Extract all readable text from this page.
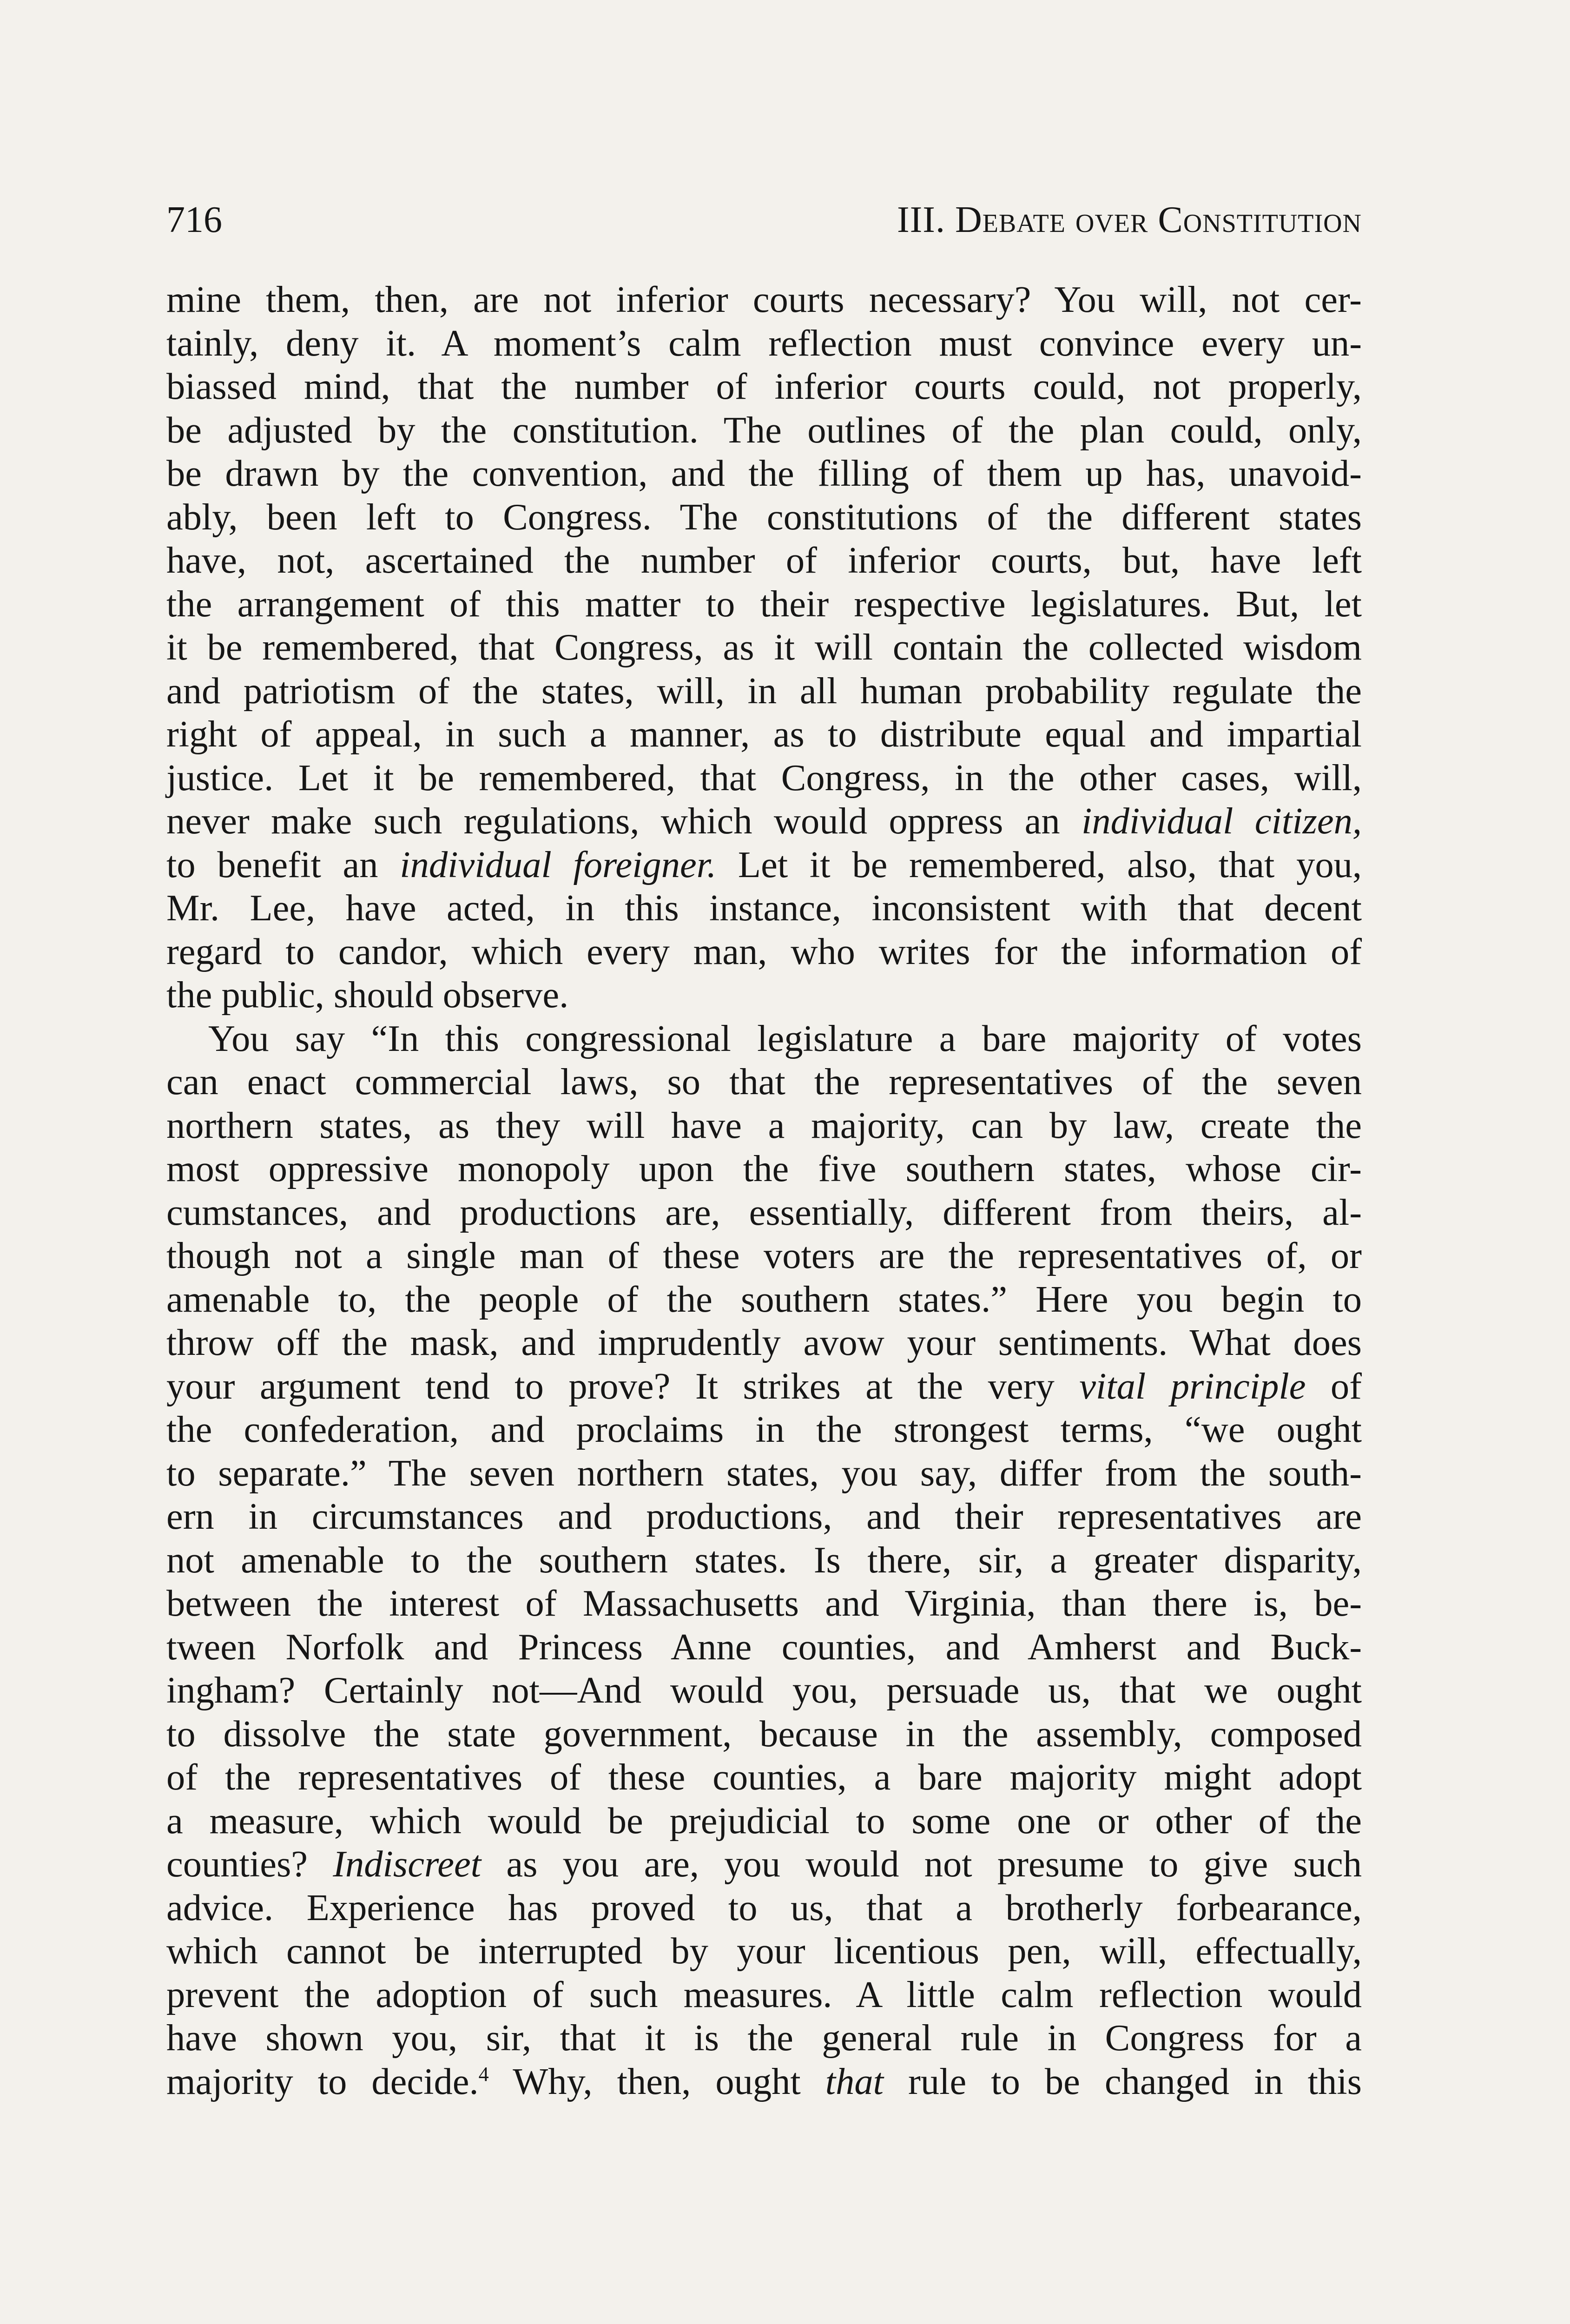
716	III. Debate over Constitution
mine them, then, are not inferior courts necessary? You will, not cer-
tainly, deny it. A moment’s calm reflection must convince every un-
biassed mind, that the number of inferior courts could, not properly,
be adjusted by the constitution. The outlines of the plan could, only,
be drawn by the convention, and the filling of them up has, unavoid-
ably, been left to Congress. The constitutions of the different states
have, not, ascertained the number of inferior courts, but, have left
the arrangement of this matter to their respective legislatures. But, let
it be remembered, that Congress, as it will contain the collected wisdom
and patriotism of the states, will, in all human probability regulate the
right of appeal, in such a manner, as to distribute equal and impartial
justice. Let it be remembered, that Congress, in the other cases, will,
never make such regulations, which would oppress an individual citizen,
to benefit an individual foreigner. Let it be remembered, also, that you,
Mr. Lee, have acted, in this instance, inconsistent with that decent
regard to candor, which every man, who writes for the information of
the public, should observe.
You say “In this congressional legislature a bare majority of votes
can enact commercial laws, so that the representatives of the seven
northern states, as they will have a majority, can by law, create the
most oppressive monopoly upon the five southern states, whose cir-
cumstances, and productions are, essentially, different from theirs, al-
though not a single man of these voters are the representatives of, or
amenable to, the people of the southern states.” Here you begin to
throw off the mask, and imprudently avow your sentiments. What does
your argument tend to prove? It strikes at the very vital principle of
the confederation, and proclaims in the strongest terms, “we ought
to separate.” The seven northern states, you say, differ from the south-
ern in circumstances and productions, and their representatives are
not amenable to the southern states. Is there, sir, a greater disparity,
between the interest of Massachusetts and Virginia, than there is, be-
tween Norfolk and Princess Anne counties, and Amherst and Buck-
ingham? Certainly not—And would you, persuade us, that we ought
to dissolve the state government, because in the assembly, composed
of the representatives of these counties, a bare majority might adopt
a measure, which would be prejudicial to some one or other of the
counties? Indiscreet as you are, you would not presume to give such
advice. Experience has proved to us, that a brotherly forbearance,
which cannot be interrupted by your licentious pen, will, effectually,
prevent the adoption of such measures. A little calm reflection would
have shown you, sir, that it is the general rule in Congress for a
majority to decide.$^4$ Why, then, ought that rule to be changed in this
